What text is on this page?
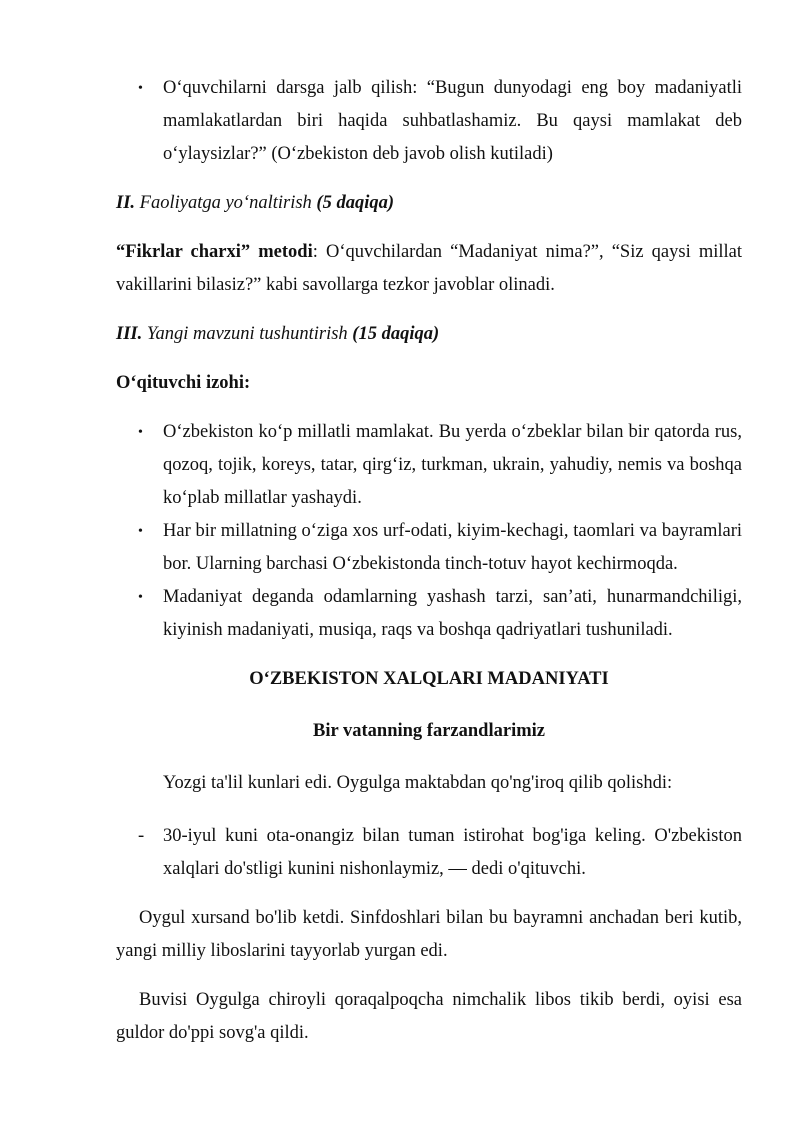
• O‘quvchilarni darsga jalb qilish: “Bugun dunyodagi eng boy madaniyatli mamlakatlardan biri haqida suhbatlashamiz. Bu qaysi mamlakat deb o‘ylaysizlar?” (O‘zbekiston deb javob olish kutiladi)

II. Faoliyatga yo‘naltirish (5 daqiqa)

“Fikrlar charxi” metodi: O‘quvchilardan “Madaniyat nima?”, “Siz qaysi millat vakillarini bilasiz?” kabi savollarga tezkor javoblar olinadi.

III. Yangi mavzuni tushuntirish (15 daqiqa)

O‘qituvchi izohi:

• O‘zbekiston ko‘p millatli mamlakat. Bu yerda o‘zbeklar bilan bir qatorda rus, qozoq, tojik, koreys, tatar, qirg‘iz, turkman, ukrain, yahudiy, nemis va boshqa ko‘plab millatlar yashaydi.
• Har bir millatning o‘ziga xos urf-odati, kiyim-kechagi, taomlari va bayramlari bor. Ularning barchasi O‘zbekistonda tinch-totuv hayot kechirmoqda.
• Madaniyat deganda odamlarning yashash tarzi, san’ati, hunarmandchiligi, kiyinish madaniyati, musiqa, raqs va boshqa qadriyatlari tushuniladi.

O‘ZBEKISTON XALQLARI MADANIYATI

Bir vatanning farzandlarimiz

Yozgi ta'lil kunlari edi. Oygulga maktabdan qo'ng'iroq qilib qolishdi:

- 30-iyul kuni ota-onangiz bilan tuman istirohat bog'iga keling. O'zbekiston xalqlari do'stligi kunini nishonlaymiz, — dedi o'qituvchi.

Oygul xursand bo'lib ketdi. Sinfdoshlari bilan bu bayramni anchadan beri kutib, yangi milliy liboslarini tayyorlab yurgan edi.

Buvisi Oygulga chiroyli qoraqalpoqcha nimchalik libos tikib berdi, oyisi esa guldor do'ppi sovg'a qildi.
